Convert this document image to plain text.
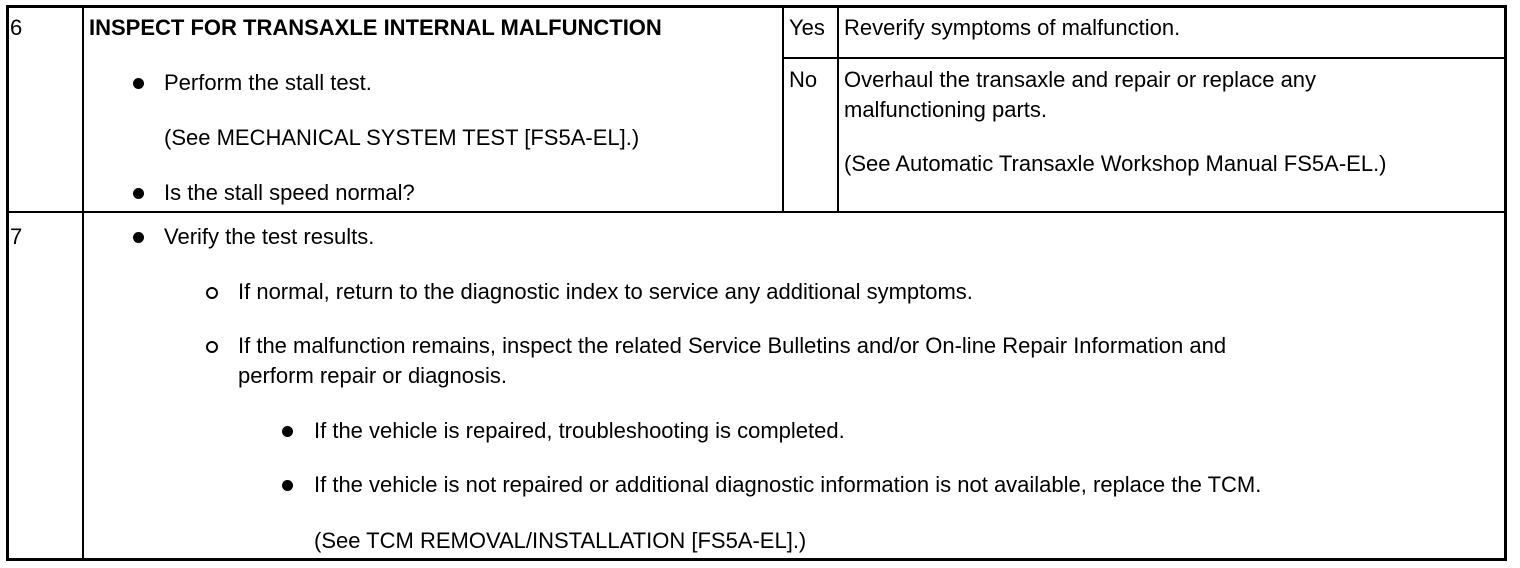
6	INSPECT FOR TRANSAXLE INTERNAL MALFUNCTION
Perform the stall test.
(See MECHANICAL SYSTEM TEST [FS5A-EL].)
Is the stall speed normal?
Yes Reverify symptoms of malfunction.
No Overhaul the transaxle and repair or replace any
malfunctioning parts.
(See Automatic Transaxle Workshop Manual FS5A-EL.)
7	Verify the test results.
If normal, return to the diagnostic index to service any additional symptoms.
If the malfunction remains, inspect the related Service Bulletins and/or On-line Repair Information and
perform repair or diagnosis.
If the vehicle is repaired, troubleshooting is completed.
If the vehicle is not repaired or additional diagnostic information is not available, replace the TCM.
(See TCM REMOVAL/INSTALLATION [FS5A-EL].)
